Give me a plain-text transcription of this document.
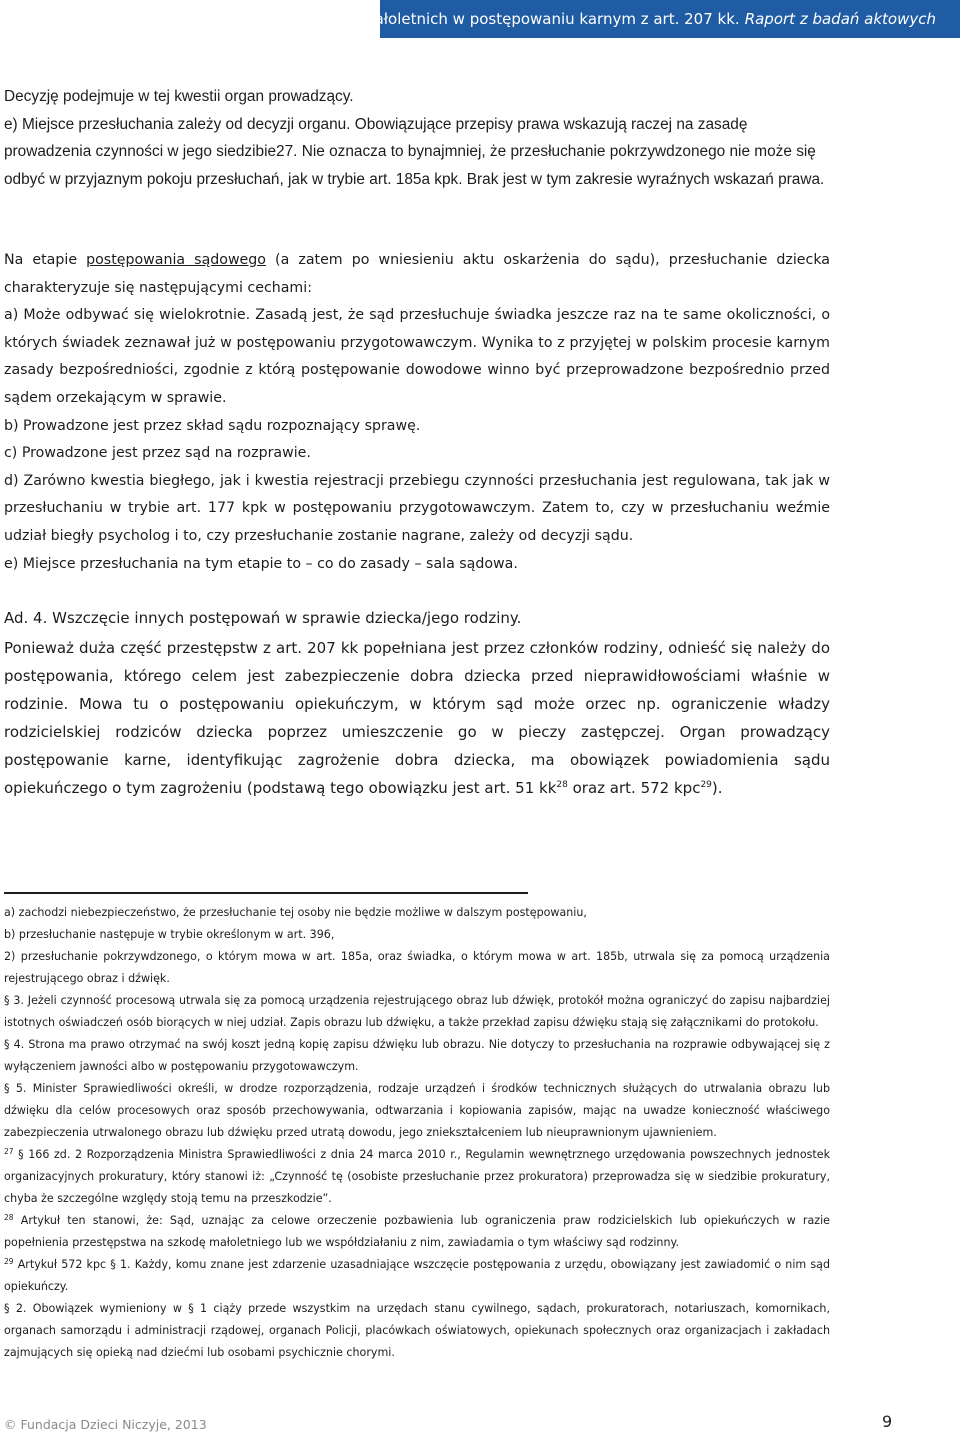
Udział małoletnich w postępowaniu karnym z art. 207 kk. Raport z badań aktowych

Decyzję podejmuje w tej kwestii organ prowadzący.

e) Miejsce przesłuchania zależy od decyzji organu. Obowiązujące przepisy prawa wskazują raczej na zasadę prowadzenia czynności w jego siedzibie27. Nie oznacza to bynajmniej, że przesłuchanie pokrzywdzonego nie może się odbyć w przyjaznym pokoju przesłuchań, jak w trybie art. 185a kpk. Brak jest w tym zakresie wyraźnych wskazań prawa.

Na etapie postępowania sądowego (a zatem po wniesieniu aktu oskarżenia do sądu), przesłuchanie dziecka charakteryzuje się następującymi cechami:

a) Może odbywać się wielokrotnie. Zasadą jest, że sąd przesłuchuje świadka jeszcze raz na te same okoliczności, o których świadek zeznawał już w postępowaniu przygotowawczym. Wynika to z przyjętej w polskim procesie karnym zasady bezpośredniości, zgodnie z którą postępowanie dowodowe winno być przeprowadzone bezpośrednio przed sądem orzekającym w sprawie.

b) Prowadzone jest przez skład sądu rozpoznający sprawę.

c) Prowadzone jest przez sąd na rozprawie.

d) Zarówno kwestia biegłego, jak i kwestia rejestracji przebiegu czynności przesłuchania jest regulowana, tak jak w przesłuchaniu w trybie art. 177 kpk w postępowaniu przygotowawczym. Zatem to, czy w przesłuchaniu weźmie udział biegły psycholog i to, czy przesłuchanie zostanie nagrane, zależy od decyzji sądu.

e) Miejsce przesłuchania na tym etapie to – co do zasady – sala sądowa.

Ad. 4. Wszczęcie innych postępowań w sprawie dziecka/jego rodziny.

Ponieważ duża część przestępstw z art. 207 kk popełniana jest przez członków rodziny, odnieść się należy do postępowania, którego celem jest zabezpieczenie dobra dziecka przed nieprawidłowościami właśnie w rodzinie. Mowa tu o postępowaniu opiekuńczym, w którym sąd może orzec np. ograniczenie władzy rodzicielskiej rodziców dziecka poprzez umieszczenie go w pieczy zastępczej. Organ prowadzący postępowanie karne, identyfikując zagrożenie dobra dziecka, ma obowiązek powiadomienia sądu opiekuńczego o tym zagrożeniu (podstawą tego obowiązku jest art. 51 $kk^{28}$ oraz art. 572 kpc$^{29}$).

a) zachodzi niebezpieczeństwo, że przesłuchanie tej osoby nie będzie możliwe w dalszym postępowaniu,

b) przesłuchanie następuje w trybie określonym w art. 396,

2) przesłuchanie pokrzywdzonego, o którym mowa w art. 185a, oraz świadka, o którym mowa w art. 185b, utrwala się za pomocą urządzenia rejestrującego obraz i dźwięk.

§ 3. Jeżeli czynność procesową utrwala się za pomocą urządzenia rejestrującego obraz lub dźwięk, protokół można ograniczyć do zapisu najbardziej istotnych oświadczeń osób biorących w niej udział. Zapis obrazu lub dźwięku, a także przekład zapisu dźwięku stają się załącznikami do protokołu.

§ 4. Strona ma prawo otrzymać na swój koszt jedną kopię zapisu dźwięku lub obrazu. Nie dotyczy to przesłuchania na rozprawie odbywającej się z wyłączeniem jawności albo w postępowaniu przygotowawczym.

§ 5. Minister Sprawiedliwości określi, w drodze rozporządzenia, rodzaje urządzeń i środków technicznych służących do utrwalania obrazu lub dźwięku dla celów procesowych oraz sposób przechowywania, odtwarzania i kopiowania zapisów, mając na uwadze konieczność właściwego zabezpieczenia utrwalonego obrazu lub dźwięku przed utratą dowodu, jego zniekształceniem lub nieuprawnionym ujawnieniem.

$^{27}$ § 166 zd. 2 Rozporządzenia Ministra Sprawiedliwości z dnia 24 marca 2010 r., Regulamin wewnętrznego urzędowania powszechnych jednostek organizacyjnych prokuratury, który stanowi iż: „Czynność tę (osobiste przesłuchanie przez prokuratora) przeprowadza się w siedzibie prokuratury, chyba że szczególne względy stoją temu na przeszkodzie”.

$^{28}$ Artykuł ten stanowi, że: Sąd, uznając za celowe orzeczenie pozbawienia lub ograniczenia praw rodzicielskich lub opiekuńczych w razie popełnienia przestępstwa na szkodę małoletniego lub we współdziałaniu z nim, zawiadamia o tym właściwy sąd rodzinny.

$^{29}$ Artykuł 572 kpc § 1. Każdy, komu znane jest zdarzenie uzasadniające wszczęcie postępowania z urzędu, obowiązany jest zawiadomić o nim sąd opiekuńczy.

§ 2. Obowiązek wymieniony w § 1 ciąży przede wszystkim na urzędach stanu cywilnego, sądach, prokuratorach, notariuszach, komornikach, organach samorządu i administracji rządowej, organach Policji, placówkach oświatowych, opiekunach społecznych oraz organizacjach i zakładach zajmujących się opieką nad dziećmi lub osobami psychicznie chorymi.

© Fundacja Dzieci Niczyje, 2013	9
